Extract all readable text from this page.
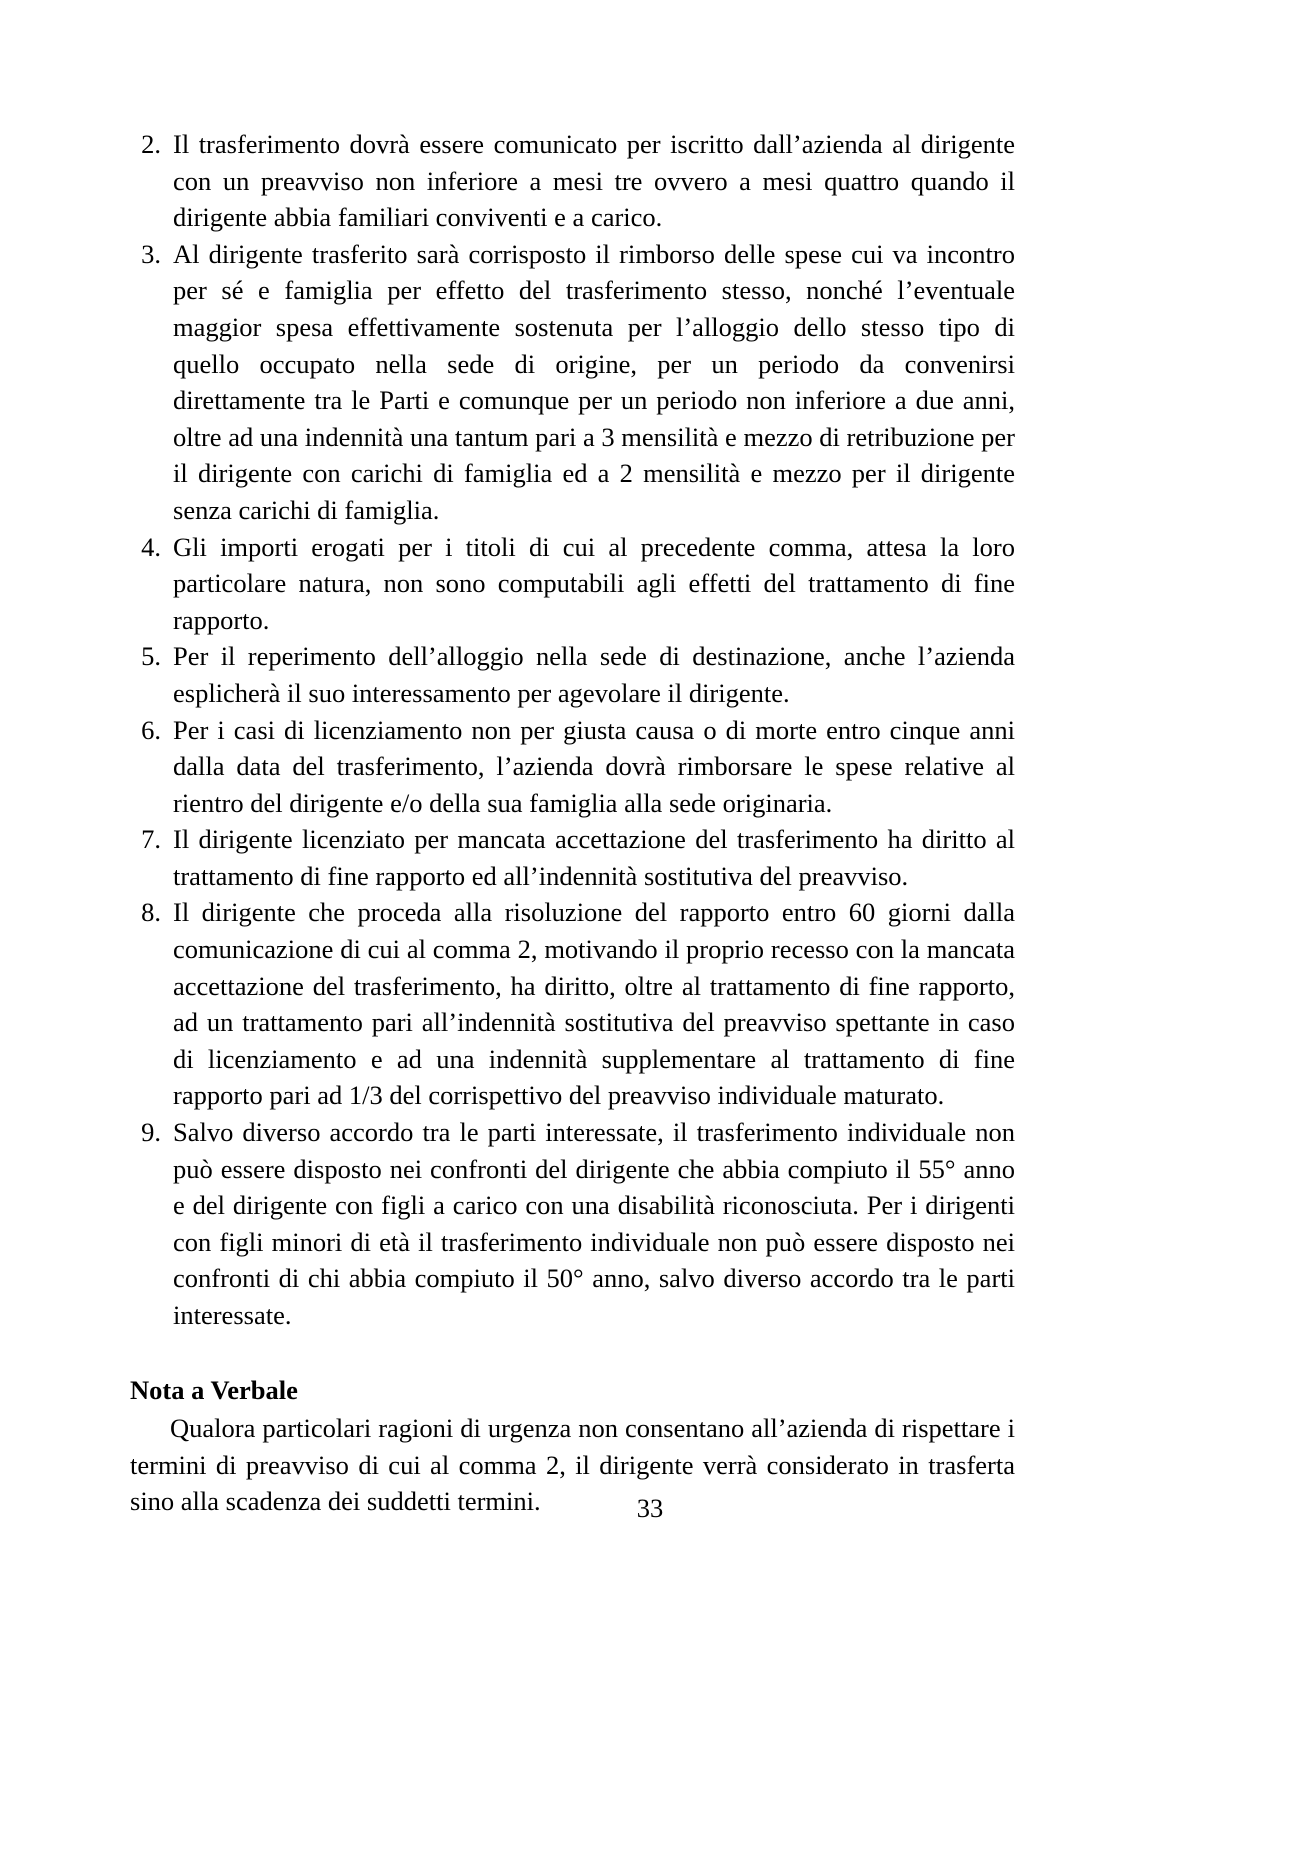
2. Il trasferimento dovrà essere comunicato per iscritto dall’azienda al dirigente con un preavviso non inferiore a mesi tre ovvero a mesi quattro quando il dirigente abbia familiari conviventi e a carico.
3. Al dirigente trasferito sarà corrisposto il rimborso delle spese cui va incontro per sé e famiglia per effetto del trasferimento stesso, nonché l’eventuale maggior spesa effettivamente sostenuta per l’alloggio dello stesso tipo di quello occupato nella sede di origine, per un periodo da convenirsi direttamente tra le Parti e comunque per un periodo non inferiore a due anni, oltre ad una indennità una tantum pari a 3 mensilità e mezzo di retribuzione per il dirigente con carichi di famiglia ed a 2 mensilità e mezzo per il dirigente senza carichi di famiglia.
4. Gli importi erogati per i titoli di cui al precedente comma, attesa la loro particolare natura, non sono computabili agli effetti del trattamento di fine rapporto.
5. Per il reperimento dell’alloggio nella sede di destinazione, anche l’azienda esplicherà il suo interessamento per agevolare il dirigente.
6. Per i casi di licenziamento non per giusta causa o di morte entro cinque anni dalla data del trasferimento, l’azienda dovrà rimborsare le spese relative al rientro del dirigente e/o della sua famiglia alla sede originaria.
7. Il dirigente licenziato per mancata accettazione del trasferimento ha diritto al trattamento di fine rapporto ed all’indennità sostitutiva del preavviso.
8. Il dirigente che proceda alla risoluzione del rapporto entro 60 giorni dalla comunicazione di cui al comma 2, motivando il proprio recesso con la mancata accettazione del trasferimento, ha diritto, oltre al trattamento di fine rapporto, ad un trattamento pari all’indennità sostitutiva del preavviso spettante in caso di licenziamento e ad una indennità supplementare al trattamento di fine rapporto pari ad 1/3 del corrispettivo del preavviso individuale maturato.
9. Salvo diverso accordo tra le parti interessate, il trasferimento individuale non può essere disposto nei confronti del dirigente che abbia compiuto il 55° anno e del dirigente con figli a carico con una disabilità riconosciuta. Per i dirigenti con figli minori di età il trasferimento individuale non può essere disposto nei confronti di chi abbia compiuto il 50° anno, salvo diverso accordo tra le parti interessate.
Nota a Verbale
Qualora particolari ragioni di urgenza non consentano all’azienda di rispettare i termini di preavviso di cui al comma 2, il dirigente verrà considerato in trasferta sino alla scadenza dei suddetti termini.	33
